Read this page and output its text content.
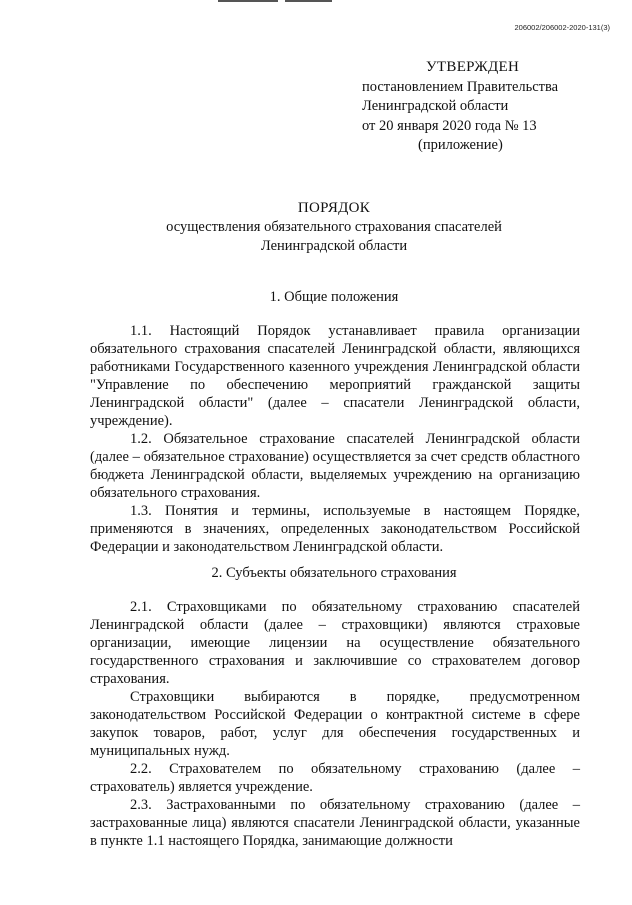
206002/206002-2020-131(3)
УТВЕРЖДЕН
постановлением Правительства
Ленинградской области
от 20 января 2020 года № 13
(приложение)
ПОРЯДОК
осуществления обязательного страхования спасателей
Ленинградской области
1. Общие положения

1.1. Настоящий Порядок устанавливает правила организации обязательного страхования спасателей Ленинградской области, являющихся работниками Государственного казенного учреждения Ленинградской области "Управление по обеспечению мероприятий гражданской защиты Ленинградской области" (далее – спасатели Ленинградской области, учреждение).

1.2. Обязательное страхование спасателей Ленинградской области (далее – обязательное страхование) осуществляется за счет средств областного бюджета Ленинградской области, выделяемых учреждению на организацию обязательного страхования.

1.3. Понятия и термины, используемые в настоящем Порядке, применяются в значениях, определенных законодательством Российской Федерации и законодательством Ленинградской области.

2. Субъекты обязательного страхования

2.1. Страховщиками по обязательному страхованию спасателей Ленинградской области (далее – страховщики) являются страховые организации, имеющие лицензии на осуществление обязательного государственного страхования и заключившие со страхователем договор страхования.

Страховщики выбираются в порядке, предусмотренном законодательством Российской Федерации о контрактной системе в сфере закупок товаров, работ, услуг для обеспечения государственных и муниципальных нужд.

2.2. Страхователем по обязательному страхованию (далее – страхователь) является учреждение.

2.3. Застрахованными по обязательному страхованию (далее – застрахованные лица) являются спасатели Ленинградской области, указанные в пункте 1.1 настоящего Порядка, занимающие должности
